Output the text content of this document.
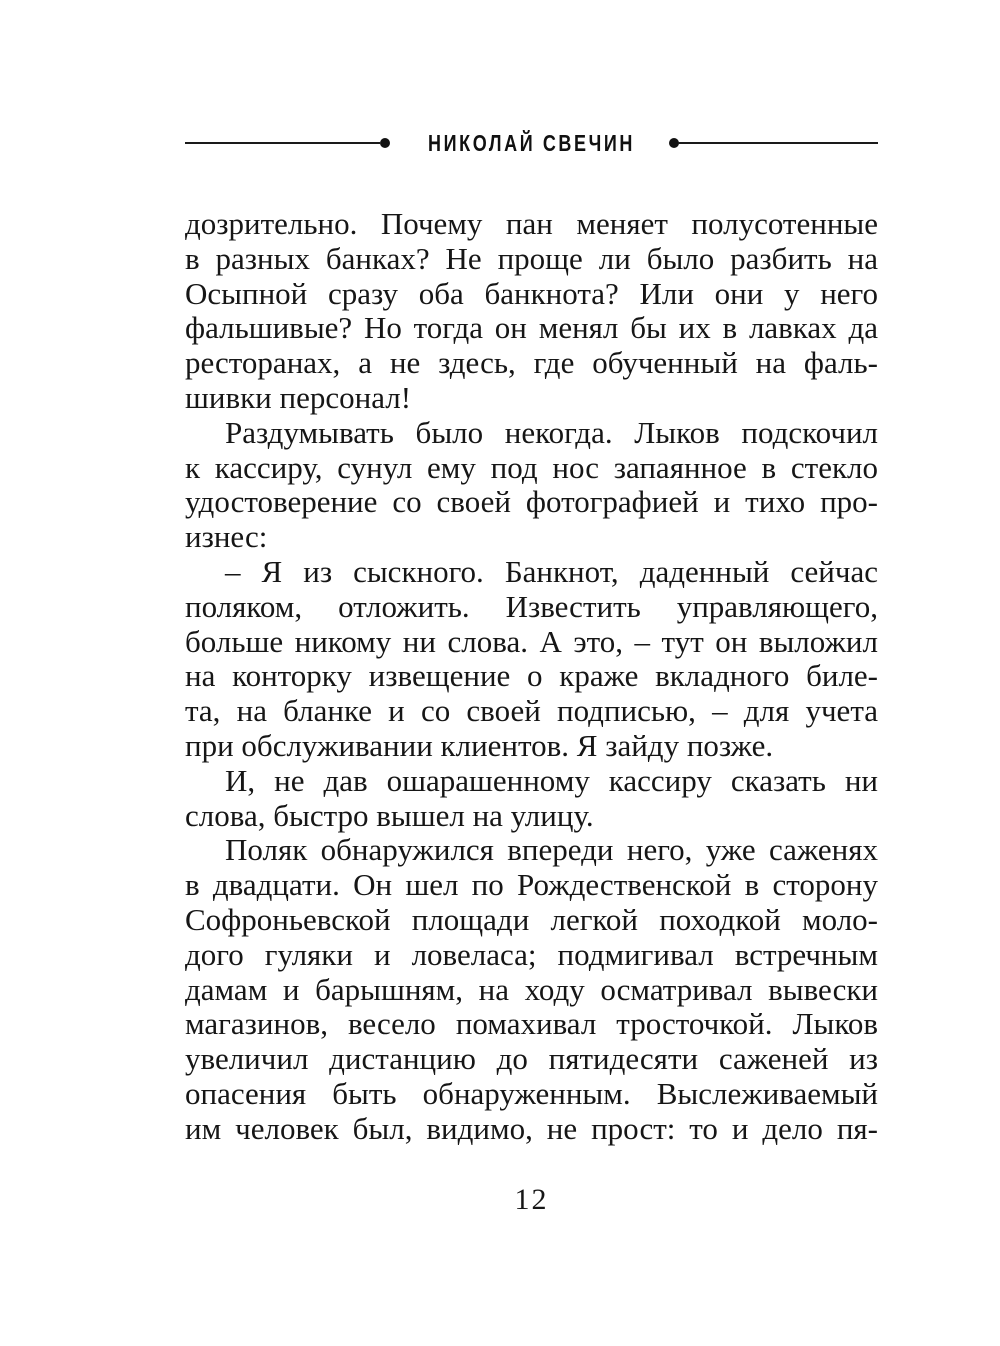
НИКОЛАЙ СВЕЧИН
дозрительно. Почему пан меняет полусотенные
в разных банках? Не проще ли было разбить на
Осыпной сразу оба банкнота? Или они у него
фальшивые? Но тогда он менял бы их в лавках да
ресторанах, а не здесь, где обученный на фаль-
шивки персонал!
Раздумывать было некогда. Лыков подскочил
к кассиру, сунул ему под нос запаянное в стекло
удостоверение со своей фотографией и тихо про-
изнес:
– Я из сыскного. Банкнот, даденный сейчас
поляком, отложить. Известить управляющего,
больше никому ни слова. А это, – тут он выложил
на конторку извещение о краже вкладного биле-
та, на бланке и со своей подписью, – для учета
при обслуживании клиентов. Я зайду позже.
И, не дав ошарашенному кассиру сказать ни
слова, быстро вышел на улицу.
Поляк обнаружился впереди него, уже саженях
в двадцати. Он шел по Рождественской в сторону
Софроньевской площади легкой походкой моло-
дого гуляки и ловеласа; подмигивал встречным
дамам и барышням, на ходу осматривал вывески
магазинов, весело помахивал тросточкой. Лыков
увеличил дистанцию до пятидесяти саженей из
опасения быть обнаруженным. Выслеживаемый
им человек был, видимо, не прост: то и дело пя-
12
